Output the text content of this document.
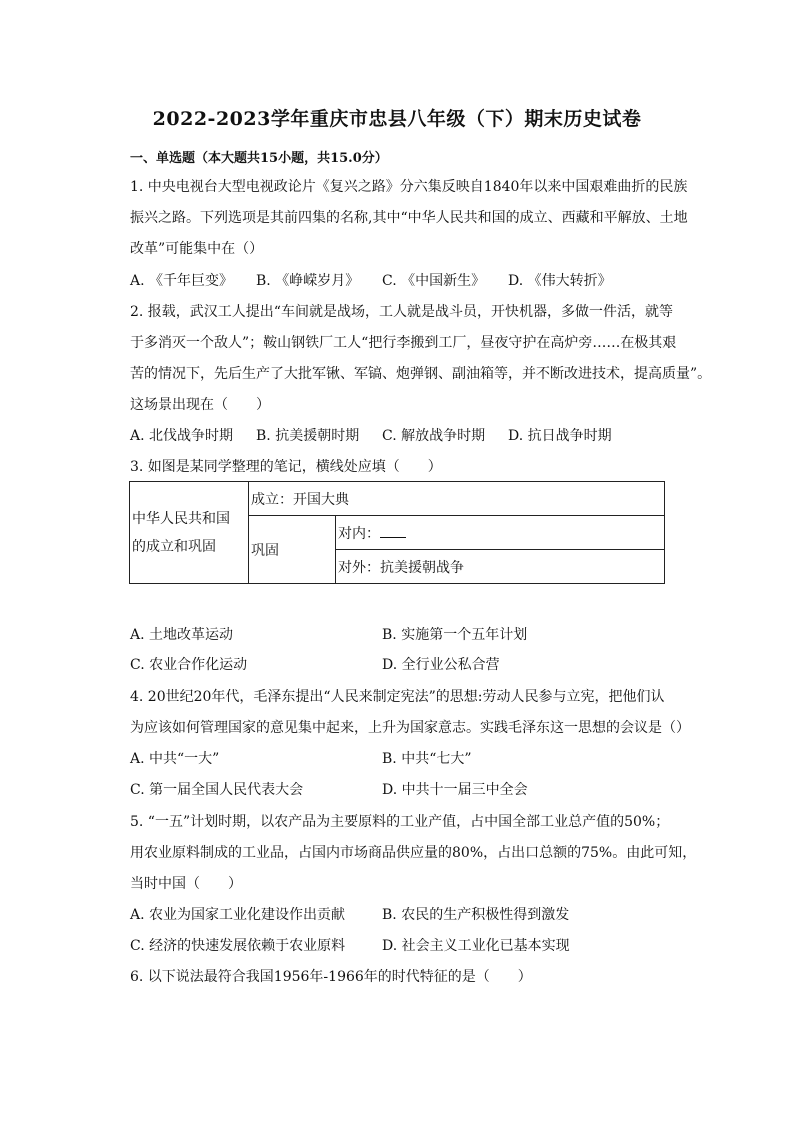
2022-2023学年重庆市忠县八年级（下）期末历史试卷
一、单选题（本大题共15小题，共15.0分）
1. 中央电视台大型电视政论片《复兴之路》分六集反映自1840年以来中国艰难曲折的民族
振兴之路。下列选项是其前四集的名称,其中“中华人民共和国的成立、西藏和平解放、土地
改革”可能集中在（）
A. 《千年巨变》 B. 《峥嵘岁月》 C. 《中国新生》 D. 《伟大转折》
2. 报载，武汉工人提出“车间就是战场，工人就是战斗员，开快机器，多做一件活，就等
于多消灭一个敌人”；鞍山钢铁厂工人“把行李搬到工厂，昼夜守护在高炉旁……在极其艰
苦的情况下，先后生产了大批军锹、军镐、炮弹钢、副油箱等，并不断改进技术，提高质量”。
这场景出现在（　　）
A. 北伐战争时期 B. 抗美援朝时期 C. 解放战争时期 D. 抗日战争时期
3. 如图是某同学整理的笔记，横线处应填（　　）
中华人民共和国
的成立和巩固	成立：开国大典	
	巩固	对内：
		对外：抗美援朝战争
A. 土地改革运动	B. 实施第一个五年计划
C. 农业合作化运动	D. 全行业公私合营
4. 20世纪20年代，毛泽东提出“人民来制定宪法”的思想:劳动人民参与立宪，把他们认
为应该如何管理国家的意见集中起来，上升为国家意志。实践毛泽东这一思想的会议是（）
A. 中共“一大”	B. 中共“七大”
C. 第一届全国人民代表大会	D. 中共十一届三中全会
5. “一五”计划时期，以农产品为主要原料的工业产值，占中国全部工业总产值的50%；
用农业原料制成的工业品，占国内市场商品供应量的80%，占出口总额的75%。由此可知，
当时中国（　　）
A. 农业为国家工业化建设作出贡献	B. 农民的生产积极性得到激发
C. 经济的快速发展依赖于农业原料	D. 社会主义工业化已基本实现
6. 以下说法最符合我国1956年-1966年的时代特征的是（　　）
